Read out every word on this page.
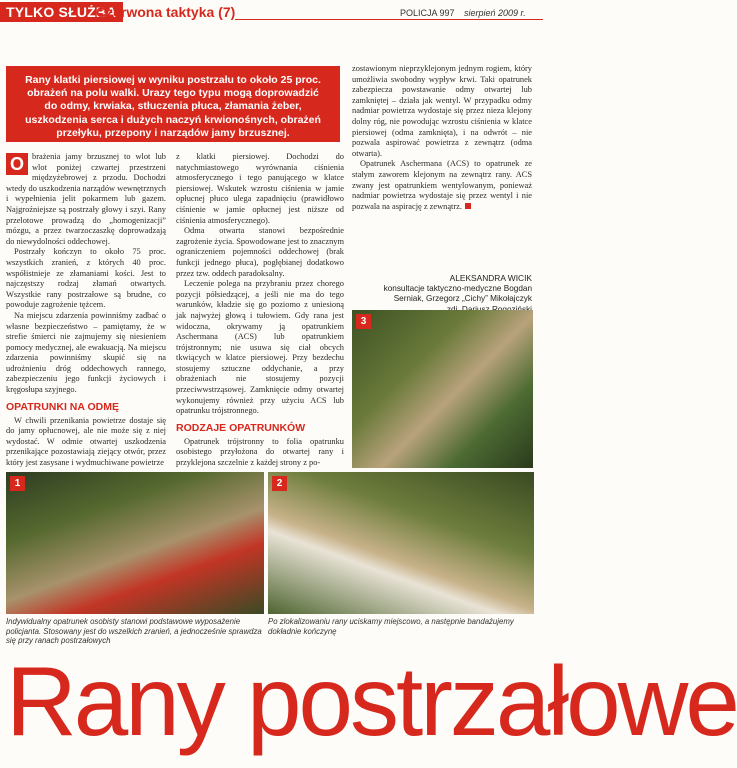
TYLKO SŁUŻBA
Czerwona taktyka (7)	POLICJA 997 sierpień 2009 r.
Rany klatki piersiowej w wyniku postrzału to około 25 proc. obrażeń na polu walki. Urazy tego typu mogą doprowadzić do odmy, krwiaka, stłuczenia płuca, złamania żeber, uszkodzenia serca i dużych naczyń krwionośnych, obrażeń przełyku, przepony i narządów jamy brzusznej.

O brażenia jamy brzusznej to wlot lub wlot poniżej czwartej przestrzeni międzyżebrowej z przodu. Dochodzi wtedy do uszkodzenia narządów wewnętrznych i wypełnienia jelit pokarmem lub gazem. Najgroźniejsze są postrzały głowy i szyi. Rany przelotowe prowadzą do „homogenizacji” mózgu, a przez twarzoczaszkę doprowadzają do niewydolności oddechowej.

Postrzały kończyn to około 75 proc. wszystkich zranień, z których 40 proc. współistnieje ze złamaniami kości. Jest to najczęstszy rodzaj złamań otwartych. Wszystkie rany postrzałowe są brudne, co powoduje zagrożenie tężcem.

Na miejscu zdarzenia powinniśmy zadbać o własne bezpieczeństwo – pamiętamy, że w strefie śmierci nie zajmujemy się niesieniem pomocy medycznej, ale ewakuacją. Na miejscu zdarzenia powinniśmy skupić się na udrożnieniu dróg oddechowych rannego, zabezpieczeniu jego funkcji życiowych i kręgosłupa szyjnego.

OPATRUNKI NA ODMĘ

W chwili przenikania powietrze dostaje się do jamy opłucnowej, ale nie może się z niej wydostać. W odmie otwartej uszkodzenia przenikające pozostawiają ziejący otwór, przez który jest zasysane i wydmuchiwane powietrze

z klatki piersiowej. Dochodzi do natychmiastowego wyrównania ciśnienia atmosferycznego i tego panującego w klatce piersiowej. Wskutek wzrostu ciśnienia w jamie opłucnej płuco ulega zapadnięciu (prawidłowo ciśnienie w jamie opłucnej jest niższe od ciśnienia atmosferycznego).

Odma otwarta stanowi bezpośrednie zagrożenie życia. Spowodowane jest to znacznym ograniczeniem pojemności oddechowej (brak funkcji jednego płuca), pogłębianej dodatkowo przez tzw. oddech paradoksalny.

Leczenie polega na przybraniu przez chorego pozycji półsiedzącej, a jeśli nie ma do tego warunków, kładzie się go poziomo z uniesioną jak najwyżej głową i tułowiem. Gdy rana jest widoczna, okrywamy ją opatrunkiem Aschermana (ACS) lub opatrunkiem trójstronnym; nie usuwa się ciał obcych tkwiących w klatce piersiowej. Przy bezdechu stosujemy sztuczne oddychanie, a przy obrażeniach nie stosujemy pozycji przeciwwstrząsowej. Zamknięcie odmy otwartej wykonujemy również przy użyciu ACS lub opatrunku trójstronnego.

RODZAJE OPATRUNKÓW

Opatrunek trójstronny to folia opatrunku osobistego przyłożona do otwartej rany i przyklejona szczelnie z każdej strony z po-

zostawionym nieprzyklejonym jednym rogiem, który umożliwia swobodny wypływ krwi. Taki opatrunek zabezpiecza powstawanie odmy otwartej lub zamkniętej – działa jak wentyl. W przypadku odmy nadmiar powietrza wydostaje się przez nieza klejony dolny róg, nie powodując wzrostu ciśnienia w klatce piersiowej (odma zamknięta), i na odwrót – nie pozwala aspirować powietrza z zewnątrz (odma otwarta).

Opatrunek Aschermana (ACS) to opatrunek ze stałym zaworem klejonym na zewnątrz rany. ACS zwany jest opatrunkiem wentylowanym, ponieważ nadmiar powietrza wydostaje się przez wentyl i nie pozwala na aspirację z zewnątrz.

ALEKSANDRA WICIK
konsultacje taktyczno-medyczne Bogdan
Serniak, Grzegorz „Cichy” Mikołajczyk
3
1
Indywidualny opatrunek osobisty stanowi podstawowe wyposażenie policjanta. Stosowany jest do wszelkich zranień, a jednocześnie sprawdza się przy ranach postrzałowych
2
Po zlokalizowaniu rany uciskamy miejscowo, a następnie bandażujemy dokładnie kończynę
Rany postrzałowe
